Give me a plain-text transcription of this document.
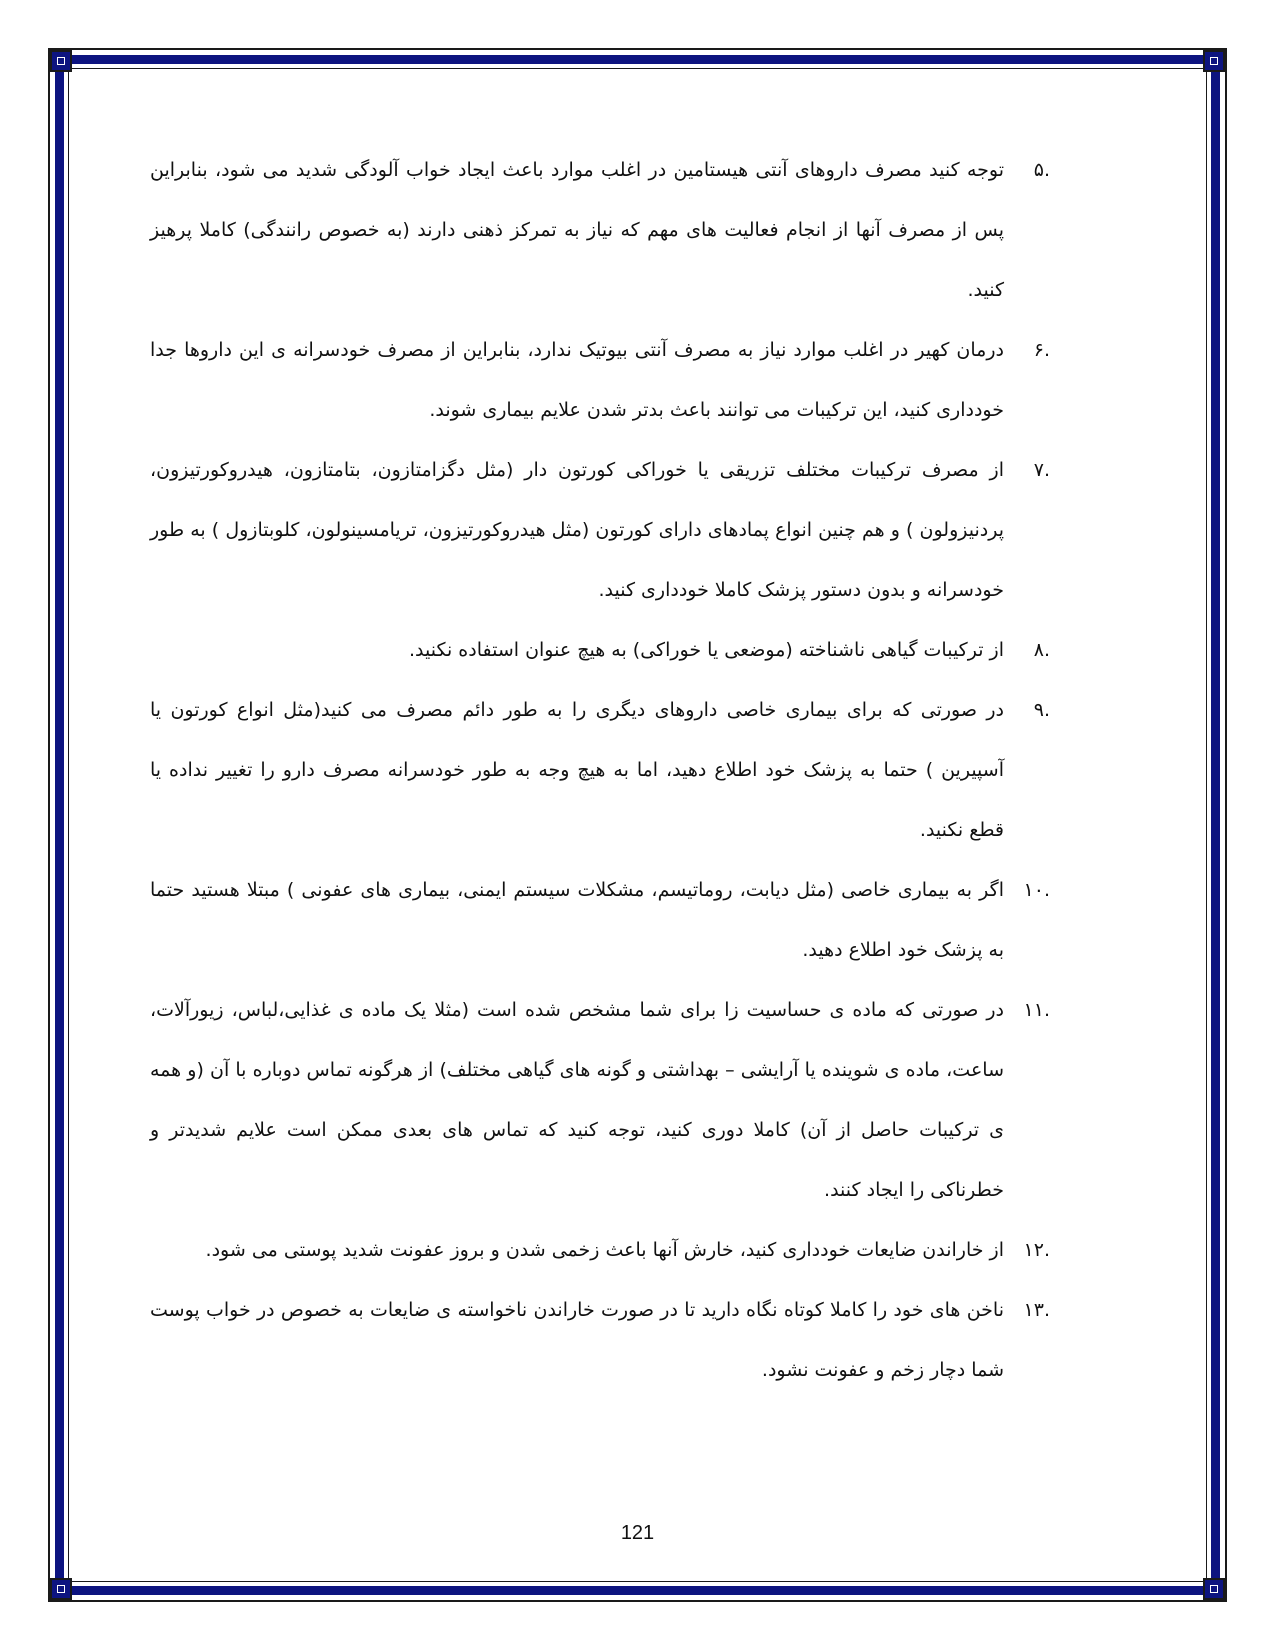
.۵
توجه کنید مصرف داروهای آنتی هیستامین در اغلب موارد باعث ایجاد خواب آلودگی شدید می شود، بنابراین پس از مصرف آنها از انجام فعالیت های مهم که نیاز به تمرکز ذهنی دارند (به خصوص رانندگی) کاملا پرهیز کنید.
.۶
درمان کهیر در اغلب موارد نیاز به مصرف آنتی بیوتیک ندارد، بنابراین از مصرف خودسرانه ی این داروها جدا خودداری کنید، این ترکیبات می توانند باعث بدتر شدن علایم بیماری شوند.
.۷
از مصرف ترکیبات مختلف تزریقی یا خوراکی کورتون دار (مثل دگزامتازون، بتامتازون، هیدروکورتیزون، پردنیزولون ) و هم چنین انواع پمادهای دارای کورتون (مثل هیدروکورتیزون، تریامسینولون، کلوبتازول ) به طور خودسرانه و بدون دستور پزشک کاملا خودداری کنید.
.۸
از ترکیبات گیاهی ناشناخته (موضعی یا خوراکی) به هیچ عنوان استفاده نکنید.
.۹
در صورتی که برای بیماری خاصی داروهای دیگری را به طور دائم مصرف می کنید(مثل انواع کورتون یا آسپیرین ) حتما به پزشک خود اطلاع دهید، اما به هیچ وجه به طور خودسرانه مصرف دارو را تغییر نداده یا قطع نکنید.
.۱۰
اگر به بیماری خاصی (مثل دیابت، روماتیسم، مشکلات سیستم ایمنی، بیماری های عفونی ) مبتلا هستید حتما به پزشک خود اطلاع دهید.
.۱۱
در صورتی که ماده ی حساسیت زا برای شما مشخص شده است (مثلا یک ماده ی غذایی،لباس، زیورآلات، ساعت، ماده ی شوینده یا آرایشی – بهداشتی و گونه های گیاهی مختلف) از هرگونه تماس دوباره با آن (و همه ی ترکیبات حاصل از آن) کاملا دوری کنید، توجه کنید که تماس های بعدی ممکن است علایم شدیدتر و خطرناکی را ایجاد کنند.
.۱۲
از خاراندن ضایعات خودداری کنید، خارش آنها باعث زخمی شدن و بروز عفونت شدید پوستی می شود.
.۱۳
ناخن های خود را کاملا کوتاه نگاه دارید تا در صورت خاراندن ناخواسته ی ضایعات به خصوص در خواب پوست شما دچار زخم و عفونت نشود.
121
